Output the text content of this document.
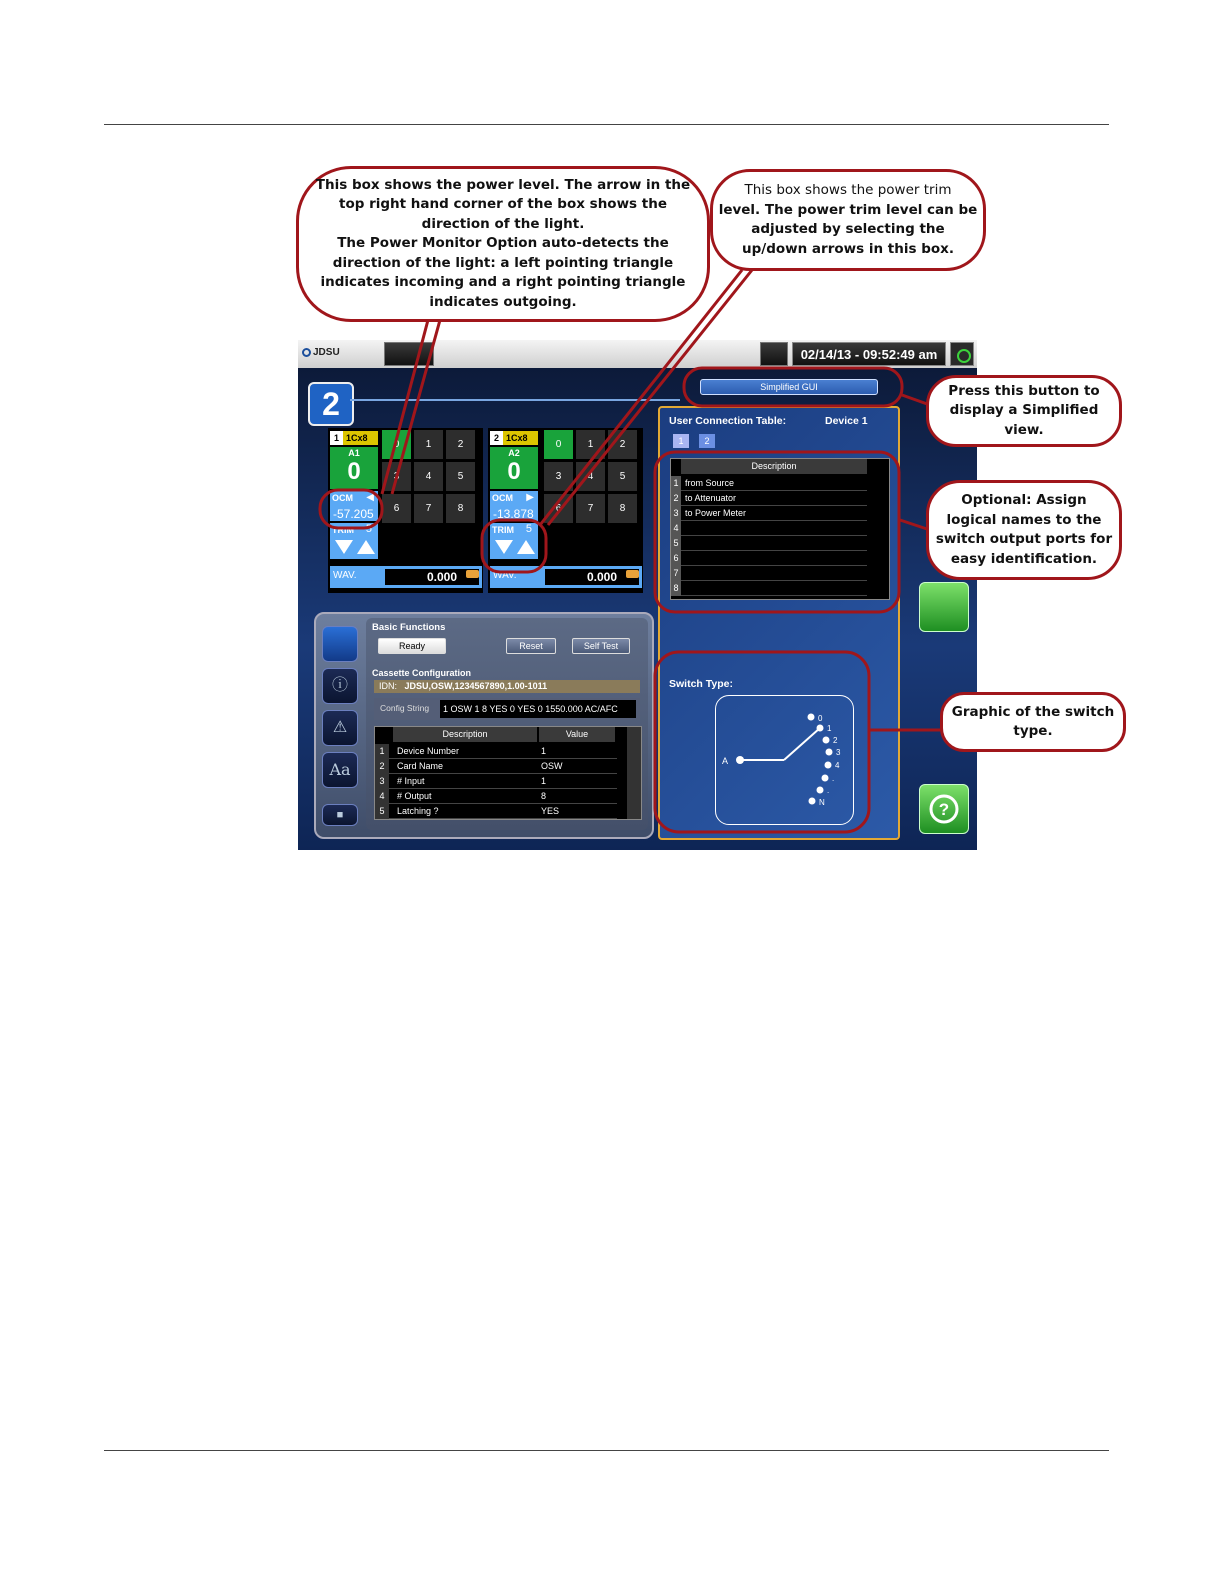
JDSU	02/14/13 - 09:52:49 am
2	Simplified GUI
1 1Cx8
A1
0
OCM ◀
-57.205
TRIM 5
0	1	2
3	4	5
6	7	8
WAV.	0.000
2 1Cx8
A2
0
OCM ▶
-13.878
TRIM 5
0	1	2
3	4	5
6	7	8
WAV.	0.000
User Connection Table:	Device 1
1	2
Description
1 from Source
2 to Attenuator
3 to Power Meter
4
5
6
7
8
Switch Type:
A
0
1
2
3
4
.
.
N	?
ⓘ
⚠
Aa
■
Basic Functions
Ready	Reset	Self Test
Cassette Configuration
IDN: JDSU,OSW,1234567890,1.00-1011
Config String	1 OSW 1 8 YES 0 YES 0 1550.000 AC/AFC
Description	Value
1	Device Number	1
2	Card Name	OSW
3	# Input	1
4	# Output	8
5	Latching ?	YES
This box shows the power level. The arrow in the
top right hand corner of the box shows the
direction of the light.
The Power Monitor Option auto-detects the
direction of the light: a left pointing triangle
indicates incoming and a right pointing triangle
indicates outgoing.
This box shows the power trim
level. The power trim level can be
adjusted by selecting the
up/down arrows in this box.
Press this button to
display a Simplified
view.
Optional: Assign
logical names to the
switch output ports for
easy identification.
Graphic of the switch
type.
